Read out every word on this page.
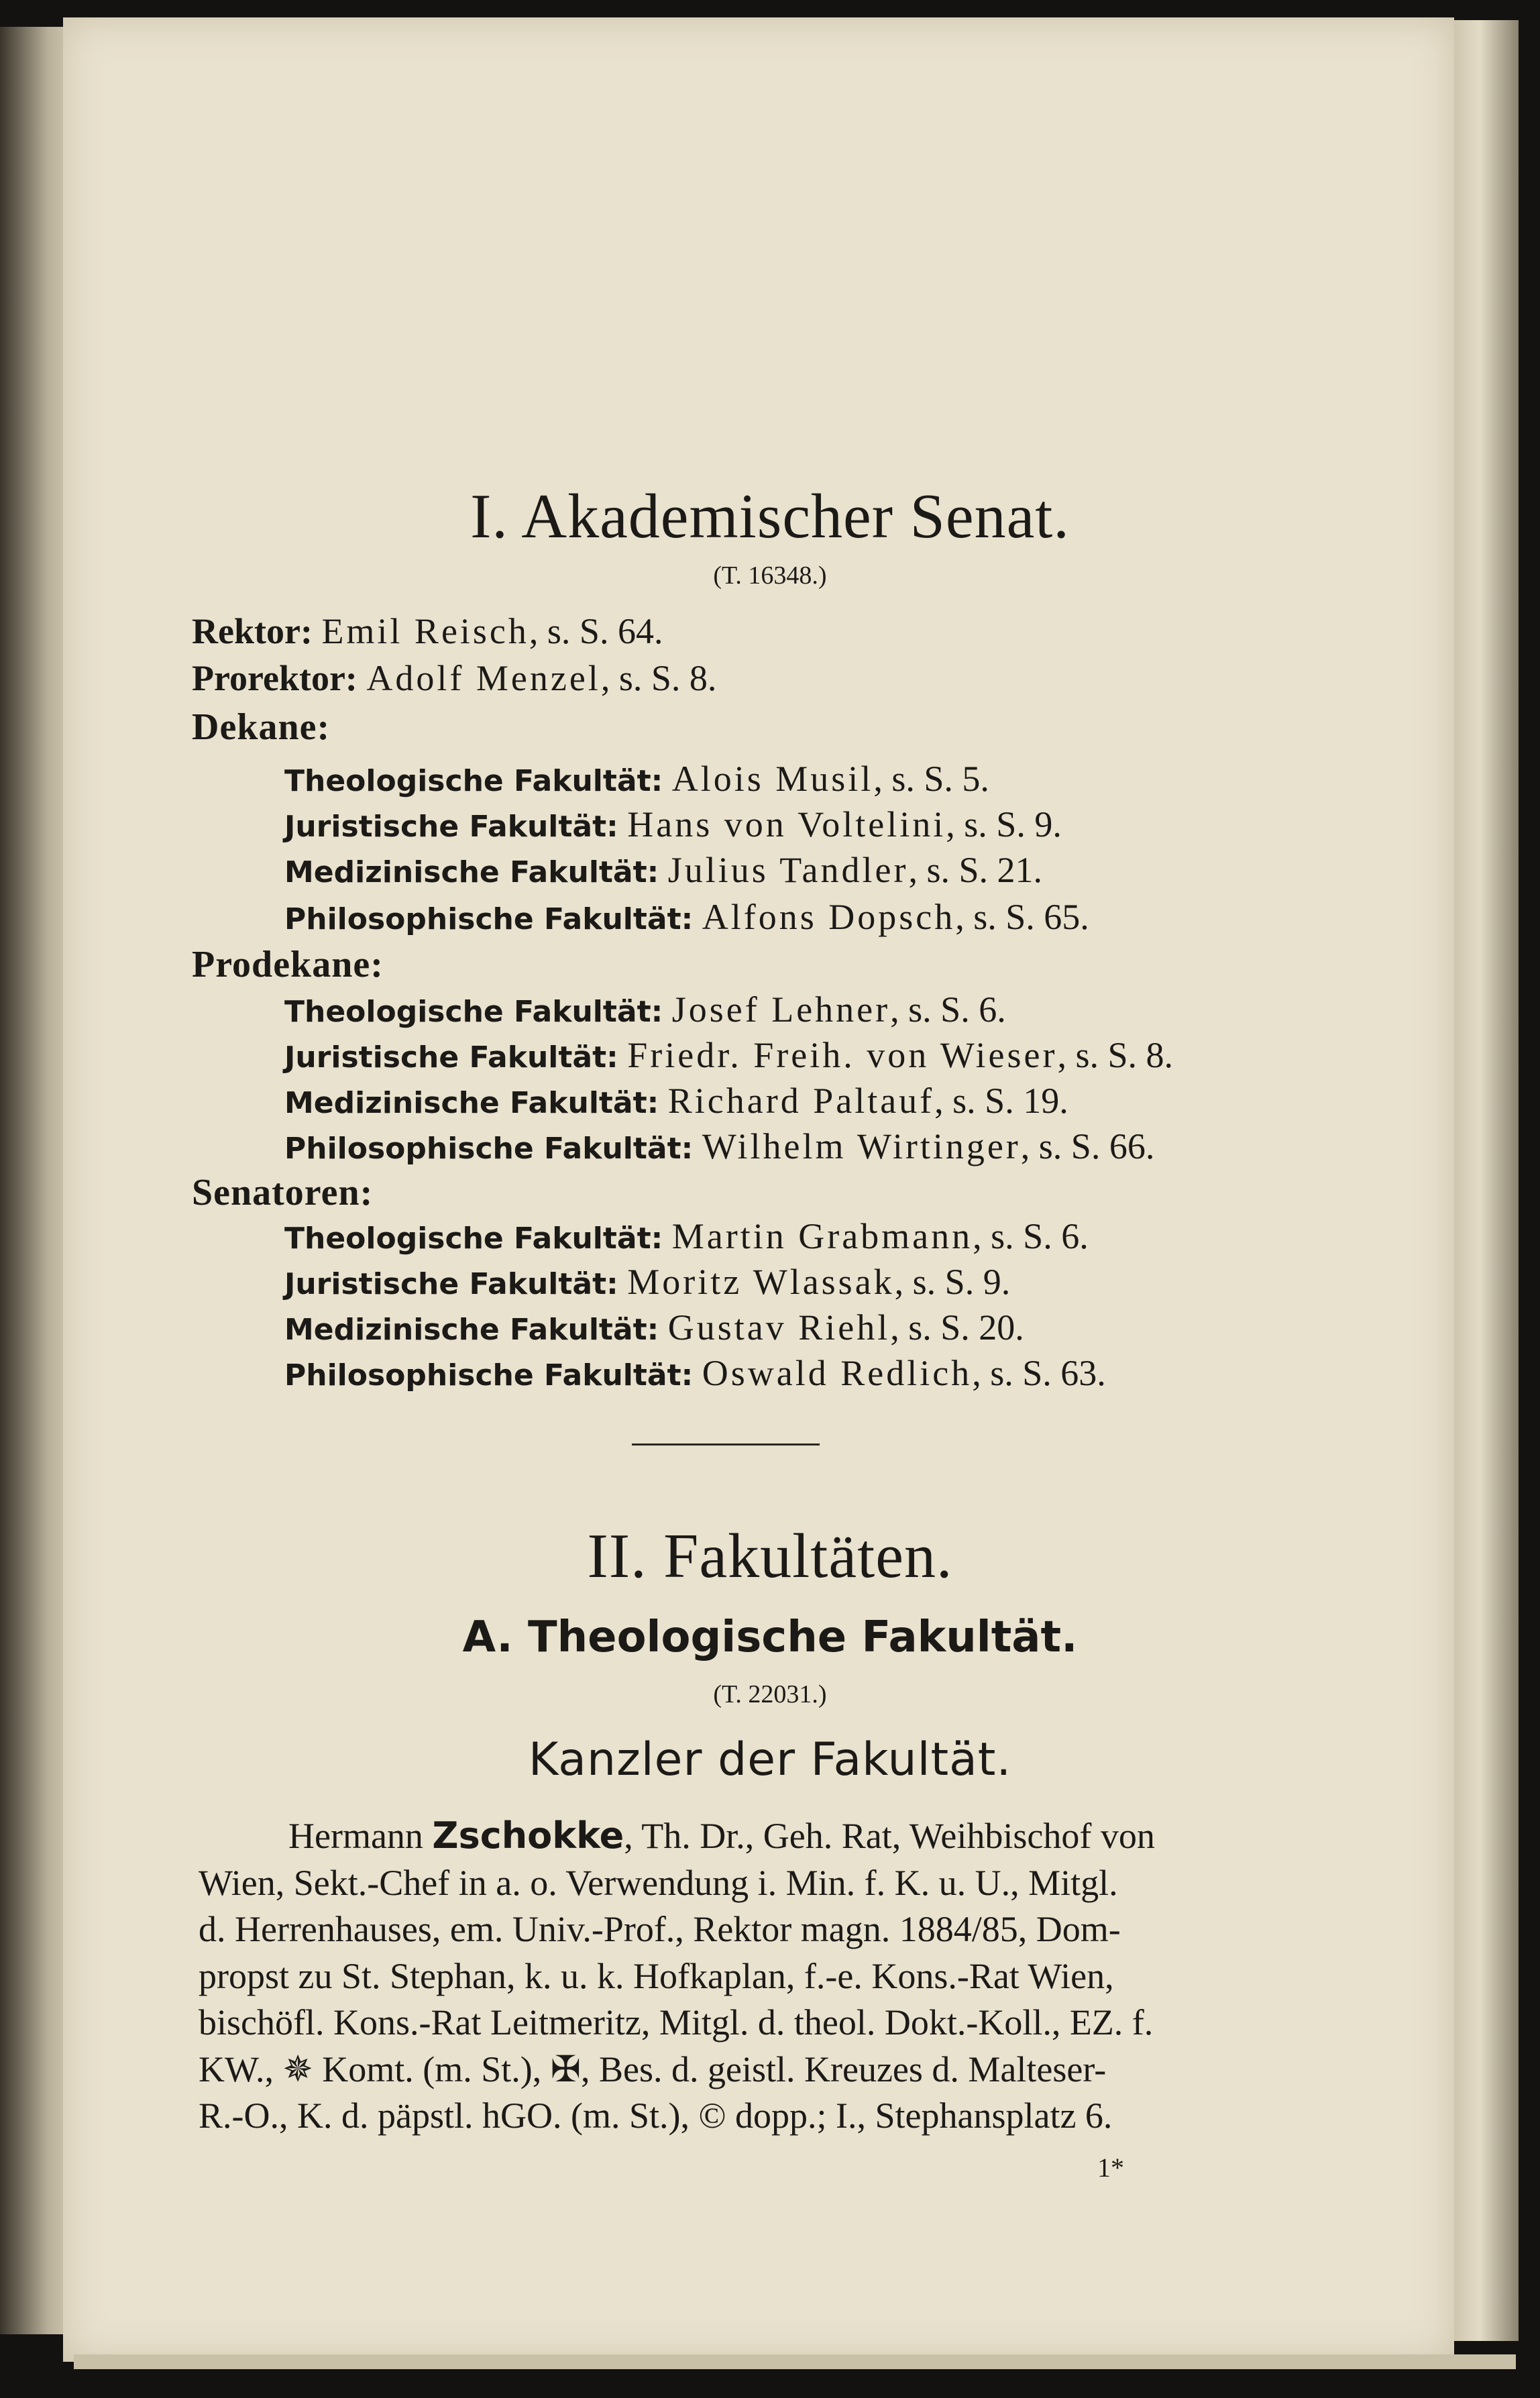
I. Akademischer Senat.
(T. 16348.)
Rektor: Emil Reisch, s. S. 64.
Prorektor: Adolf Menzel, s. S. 8.
Dekane:
Theologische Fakultät: Alois Musil, s. S. 5.
Juristische Fakultät: Hans von Voltelini, s. S. 9.
Medizinische Fakultät: Julius Tandler, s. S. 21.
Philosophische Fakultät: Alfons Dopsch, s. S. 65.
Prodekane:
Theologische Fakultät: Josef Lehner, s. S. 6.
Juristische Fakultät: Friedr. Freih. von Wieser, s. S. 8.
Medizinische Fakultät: Richard Paltauf, s. S. 19.
Philosophische Fakultät: Wilhelm Wirtinger, s. S. 66.
Senatoren:
Theologische Fakultät: Martin Grabmann, s. S. 6.
Juristische Fakultät: Moritz Wlassak, s. S. 9.
Medizinische Fakultät: Gustav Riehl, s. S. 20.
Philosophische Fakultät: Oswald Redlich, s. S. 63.
II. Fakultäten.
A. Theologische Fakultät.
(T. 22031.)
Kanzler der Fakultät.
Hermann Zschokke, Th. Dr., Geh. Rat, Weihbischof von
Wien, Sekt.-Chef in a. o. Verwendung i. Min. f. K. u. U., Mitgl.
d. Herrenhauses, em. Univ.-Prof., Rektor magn. 1884/85, Dom-
propst zu St. Stephan, k. u. k. Hofkaplan, f.-e. Kons.-Rat Wien,
bischöfl. Kons.-Rat Leitmeritz, Mitgl. d. theol. Dokt.-Koll., EZ. f.
KW., ✵ Komt. (m. St.), ✠, Bes. d. geistl. Kreuzes d. Malteser-
R.-O., K. d. päpstl. hGO. (m. St.), © dopp.; I., Stephansplatz 6.
1*
